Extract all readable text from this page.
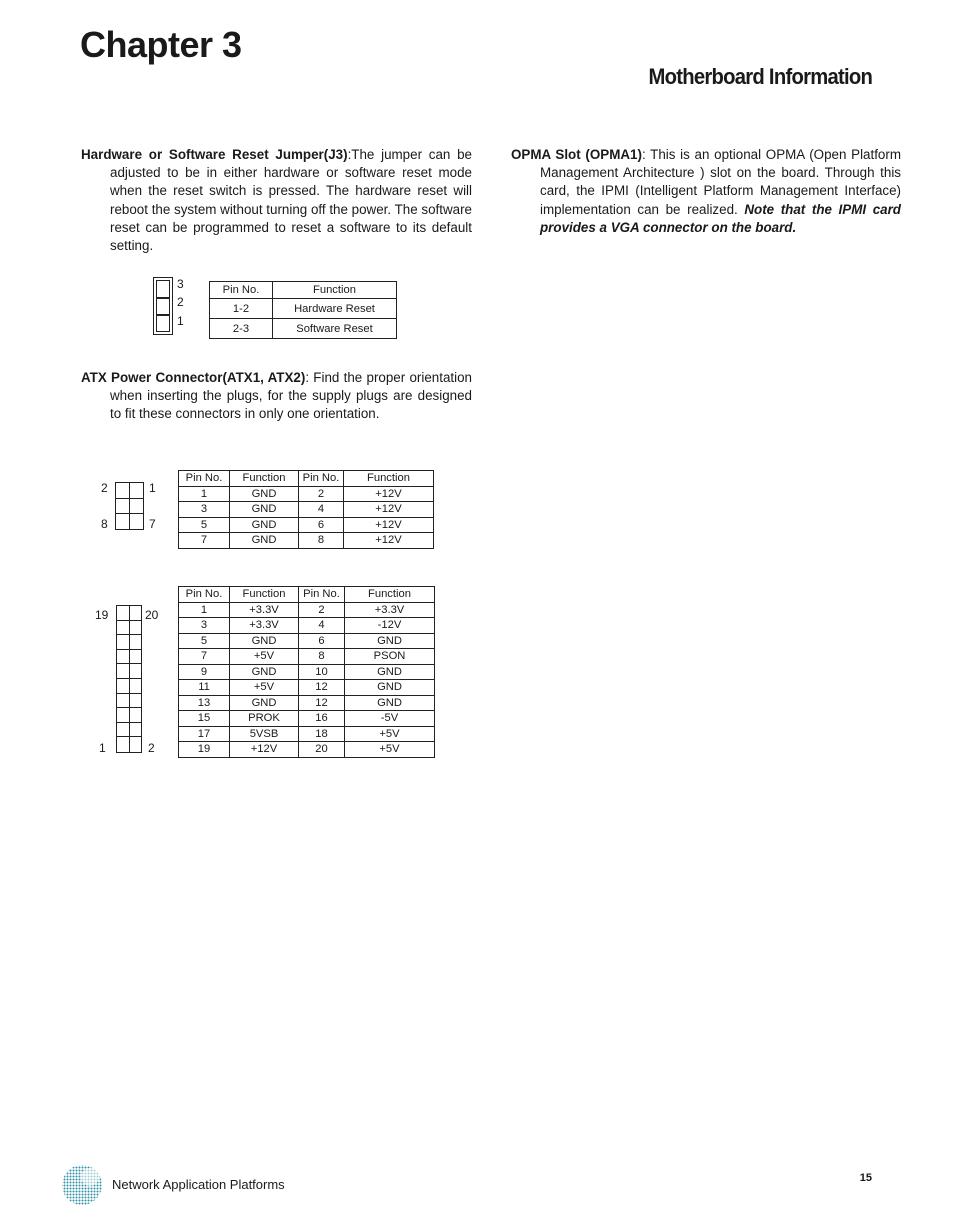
Chapter 3
Motherboard Information
Hardware or Software Reset Jumper(J3):The jumper can be adjusted to be in either hardware or software reset mode when the reset switch is pressed. The hardware reset will reboot the system without turning off the power. The software reset can be programmed to reset a software to its default setting.
3
2
1
Pin No.	Function
1-2	Hardware Reset
2-3	Software Reset
ATX Power Connector(ATX1, ATX2): Find the proper orientation when inserting the plugs, for the supply plugs are designed to fit these connectors in only one orientation.
2	1
8	7
Pin No.	Function	Pin No.	Function
1	GND	2	+12V
3	GND	4	+12V
5	GND	6	+12V
7	GND	8	+12V
19	20
1	2
Pin No.	Function	Pin No.	Function
1	+3.3V	2	+3.3V
3	+3.3V	4	-12V
5	GND	6	GND
7	+5V	8	PSON
9	GND	10	GND
11	+5V	12	GND
13	GND	12	GND
15	PROK	16	-5V
17	5VSB	18	+5V
19	+12V	20	+5V
OPMA Slot (OPMA1): This is an optional OPMA (Open Platform Management Architecture ) slot on the board. Through this card, the IPMI (Intelligent Platform Management Interface) implementation can be realized. Note that the IPMI card provides a VGA connector on the board.
Network Application Platforms	15
